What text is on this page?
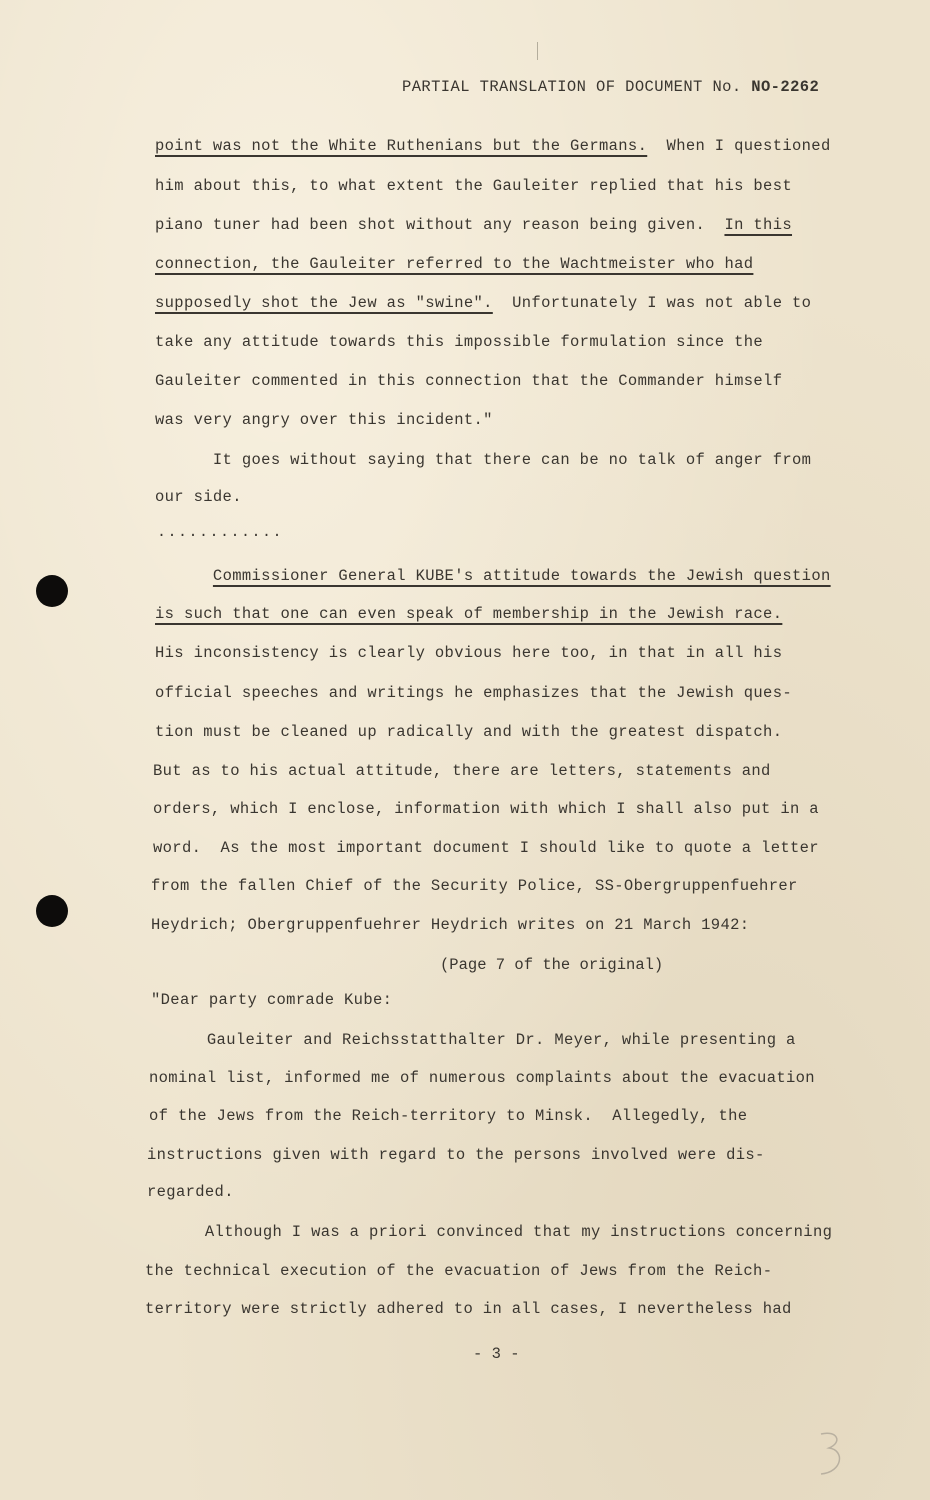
PARTIAL TRANSLATION OF DOCUMENT No. NO-2262
point was not the White Ruthenians but the Germans.  When I questioned
him about this, to what extent the Gauleiter replied that his best
piano tuner had been shot without any reason being given.  In this
connection, the Gauleiter referred to the Wachtmeister who had
supposedly shot the Jew as "swine".  Unfortunately I was not able to
take any attitude towards this impossible formulation since the
Gauleiter commented in this connection that the Commander himself
was very angry over this incident."
It goes without saying that there can be no talk of anger from
our side.
............
Commissioner General KUBE's attitude towards the Jewish question
is such that one can even speak of membership in the Jewish race.
His inconsistency is clearly obvious here too, in that in all his
official speeches and writings he emphasizes that the Jewish ques-
tion must be cleaned up radically and with the greatest dispatch.
But as to his actual attitude, there are letters, statements and
orders, which I enclose, information with which I shall also put in a
word.  As the most important document I should like to quote a letter
from the fallen Chief of the Security Police, SS-Obergruppenfuehrer
Heydrich; Obergruppenfuehrer Heydrich writes on 21 March 1942:
(Page 7 of the original)
"Dear party comrade Kube:
Gauleiter and Reichsstatthalter Dr. Meyer, while presenting a
nominal list, informed me of numerous complaints about the evacuation
of the Jews from the Reich-territory to Minsk.  Allegedly, the
instructions given with regard to the persons involved were dis-
regarded.
Although I was a priori convinced that my instructions concerning
the technical execution of the evacuation of Jews from the Reich-
territory were strictly adhered to in all cases, I nevertheless had
- 3 -
